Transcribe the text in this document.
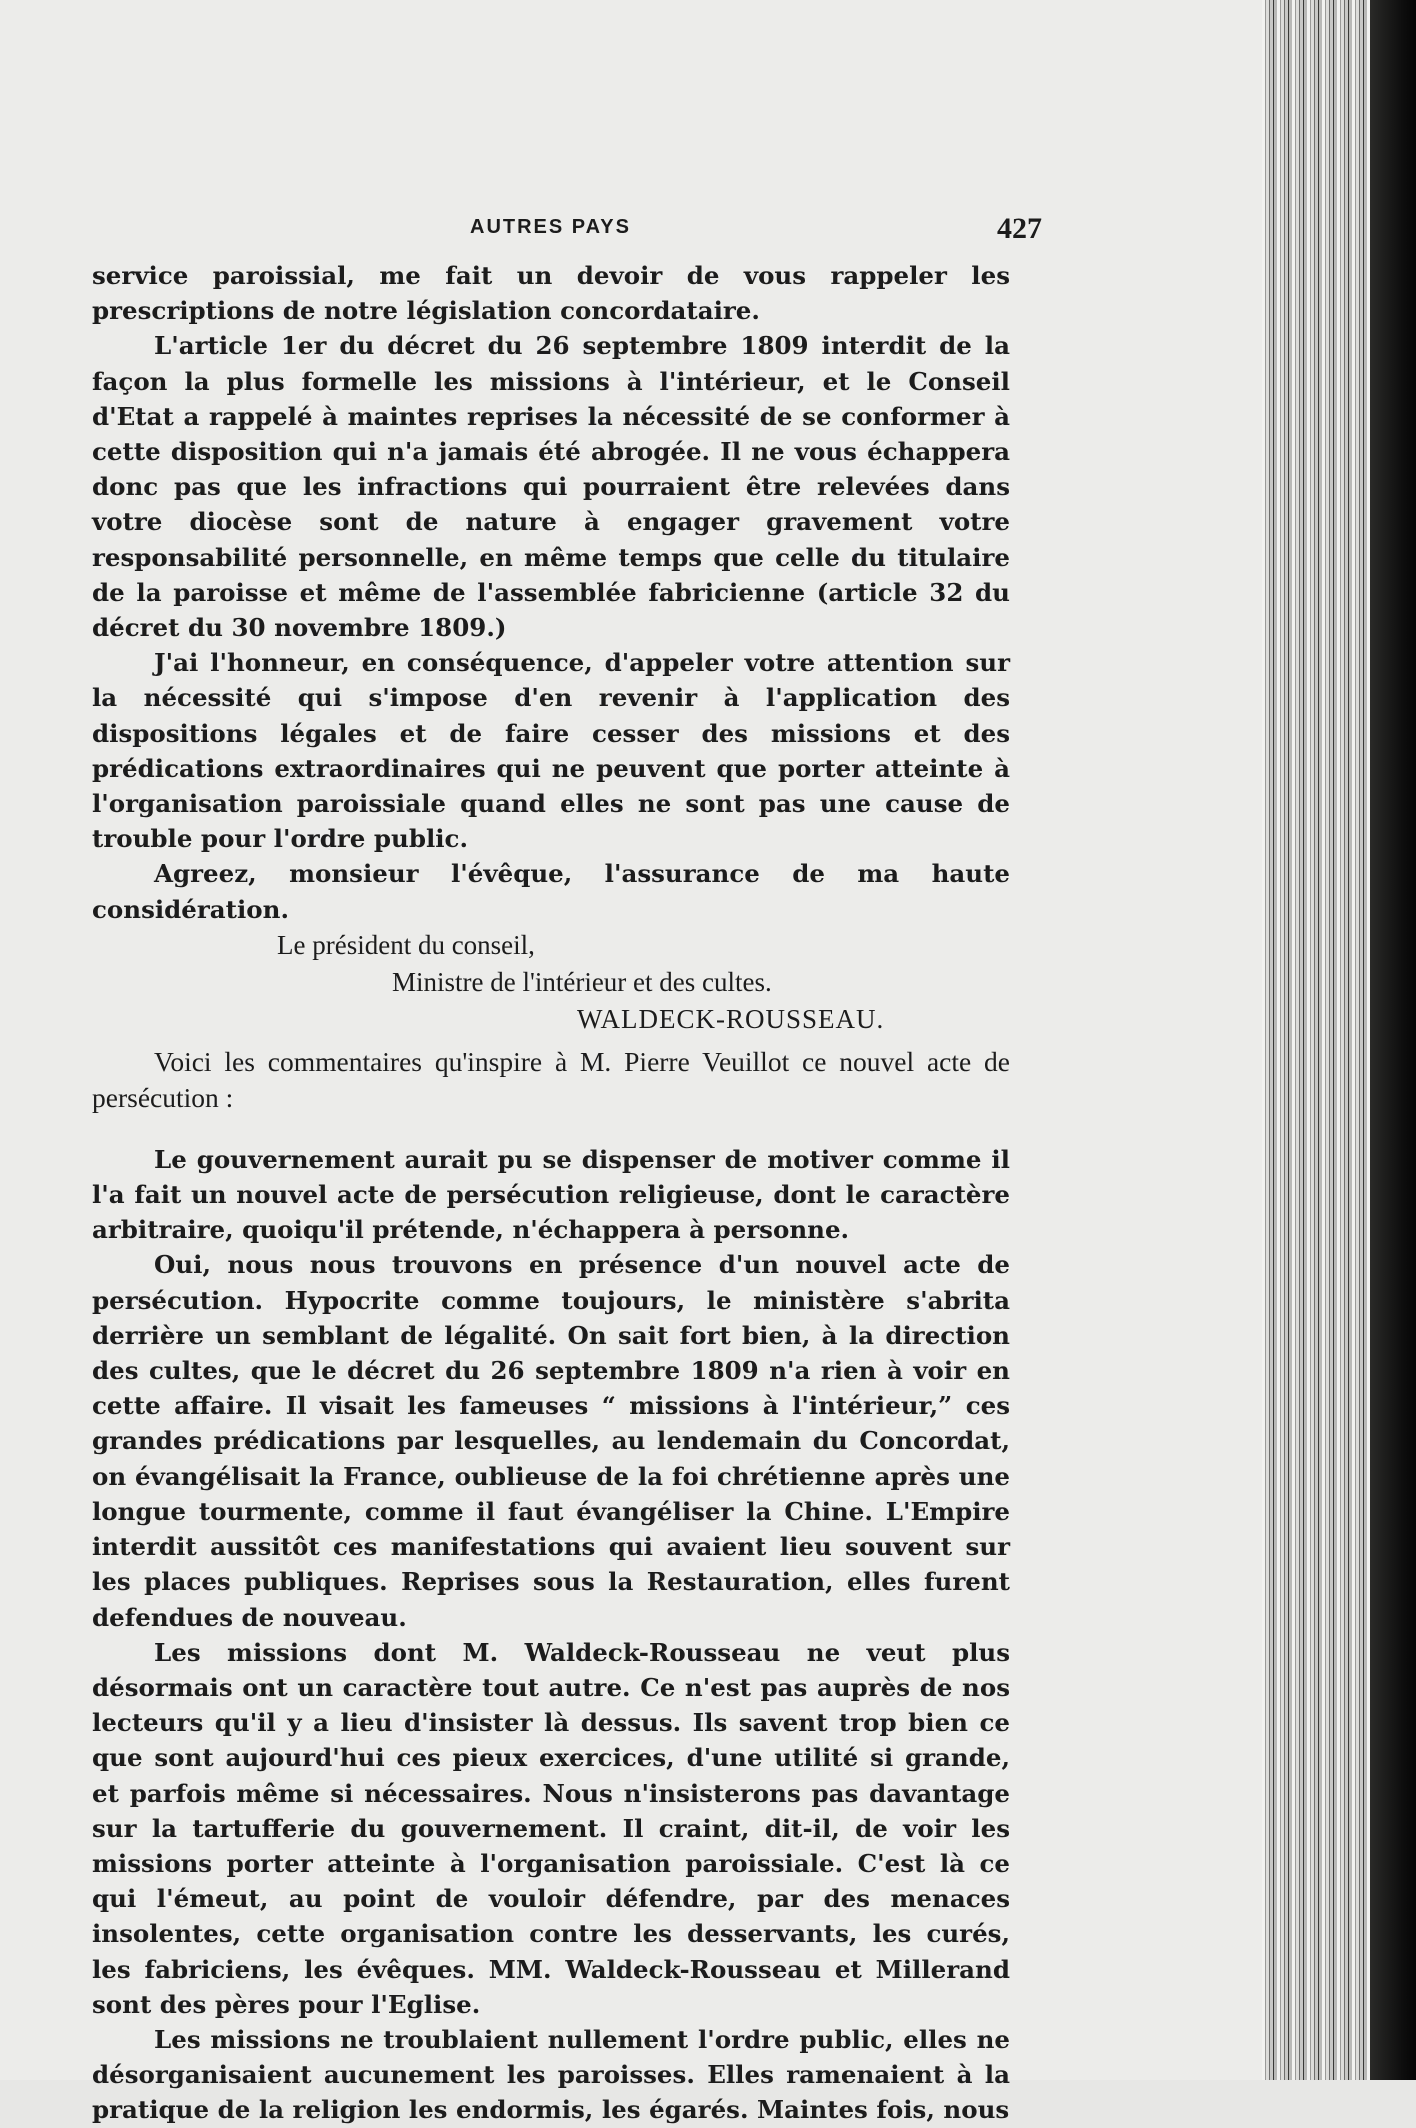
AUTRES PAYS	427

service paroissial, me fait un devoir de vous rappeler les prescriptions de notre législation concordataire.

L'article 1er du décret du 26 septembre 1809 interdit de la façon la plus formelle les missions à l'intérieur, et le Conseil d'Etat a rappelé à maintes reprises la nécessité de se conformer à cette disposition qui n'a jamais été abrogée. Il ne vous échappera donc pas que les infractions qui pourraient être relevées dans votre diocèse sont de nature à engager gravement votre responsabilité personnelle, en même temps que celle du titulaire de la paroisse et même de l'assemblée fabricienne (article 32 du décret du 30 novembre 1809.)

J'ai l'honneur, en conséquence, d'appeler votre attention sur la nécessité qui s'impose d'en revenir à l'application des dispositions légales et de faire cesser des missions et des prédications extraordinaires qui ne peuvent que porter atteinte à l'organisation paroissiale quand elles ne sont pas une cause de trouble pour l'ordre public.

Agreez, monsieur l'évêque, l'assurance de ma haute considération.

Le président du conseil,
Ministre de l'intérieur et des cultes.
WALDECK-ROUSSEAU.

Voici les commentaires qu'inspire à M. Pierre Veuillot ce nouvel acte de persécution :

Le gouvernement aurait pu se dispenser de motiver comme il l'a fait un nouvel acte de persécution religieuse, dont le caractère arbitraire, quoiqu'il prétende, n'échappera à personne.

Oui, nous nous trouvons en présence d'un nouvel acte de persécution. Hypocrite comme toujours, le ministère s'abrita derrière un semblant de légalité. On sait fort bien, à la direction des cultes, que le décret du 26 septembre 1809 n'a rien à voir en cette affaire. Il visait les fameuses “ missions à l'intérieur,” ces grandes prédications par lesquelles, au lendemain du Concordat, on évangélisait la France, oublieuse de la foi chrétienne après une longue tourmente, comme il faut évangéliser la Chine. L'Empire interdit aussitôt ces manifestations qui avaient lieu souvent sur les places publiques. Reprises sous la Restauration, elles furent defendues de nouveau.

Les missions dont M. Waldeck-Rousseau ne veut plus désormais ont un caractère tout autre. Ce n'est pas auprès de nos lecteurs qu'il y a lieu d'insister là dessus. Ils savent trop bien ce que sont aujourd'hui ces pieux exercices, d'une utilité si grande, et parfois même si nécessaires. Nous n'insisterons pas davantage sur la tartufferie du gouvernement. Il craint, dit-il, de voir les missions porter atteinte à l'organisation paroissiale. C'est là ce qui l'émeut, au point de vouloir défendre, par des menaces insolentes, cette organisation contre les desservants, les curés, les fabriciens, les évêques. MM. Waldeck-Rousseau et Millerand sont des pères pour l'Eglise.

Les missions ne troublaient nullement l'ordre public, elles ne désorganisaient aucunement les paroisses. Elles ramenaient à la pratique de la religion les endormis, les égarés. Maintes fois, nous
